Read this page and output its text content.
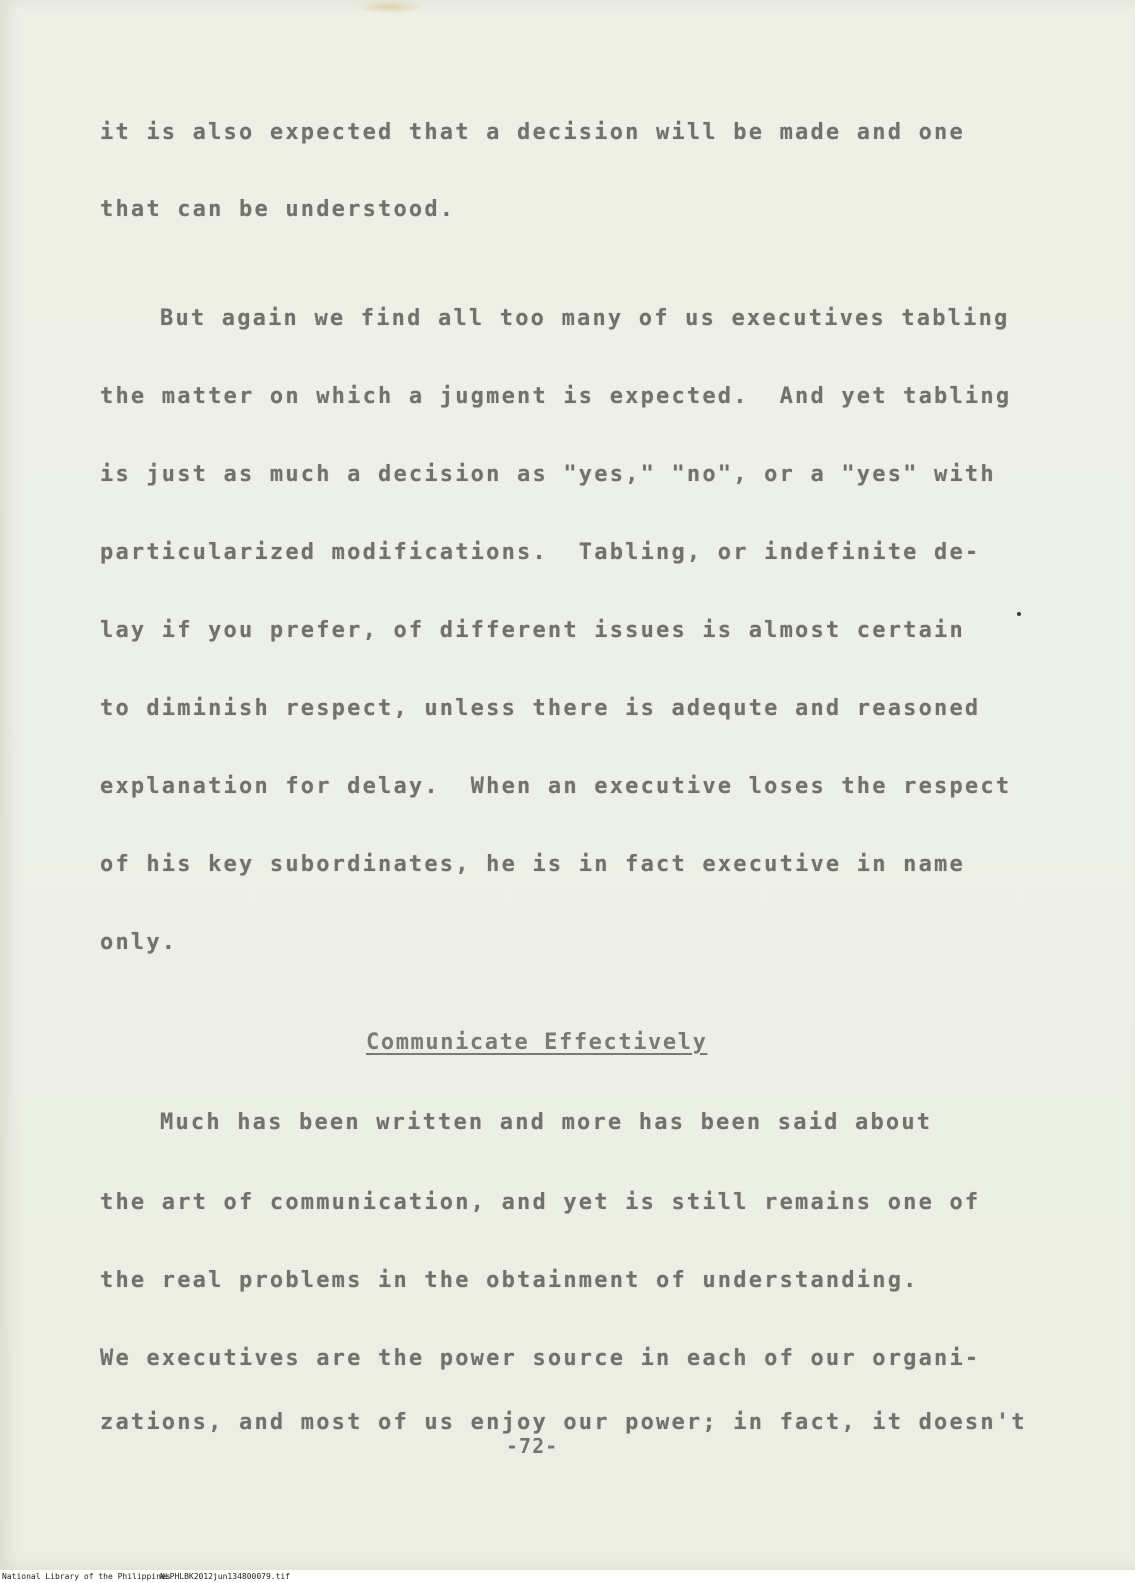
it is also expected that a decision will be made and one
that can be understood.
But again we find all too many of us executives tabling
the matter on which a jugment is expected.  And yet tabling
is just as much a decision as "yes," "no", or a "yes" with
particularized modifications.  Tabling, or indefinite de-
lay if you prefer, of different issues is almost certain
to diminish respect, unless there is adequte and reasoned
explanation for delay.  When an executive loses the respect
of his key subordinates, he is in fact executive in name
only.
Communicate Effectively
Much has been written and more has been said about
the art of communication, and yet is still remains one of
the real problems in the obtainment of understanding.
We executives are the power source in each of our organi-
zations, and most of us enjoy our power; in fact, it doesn't
-72-
National Library of the Philippines
NLPHLBK2012jun134800079.tif
